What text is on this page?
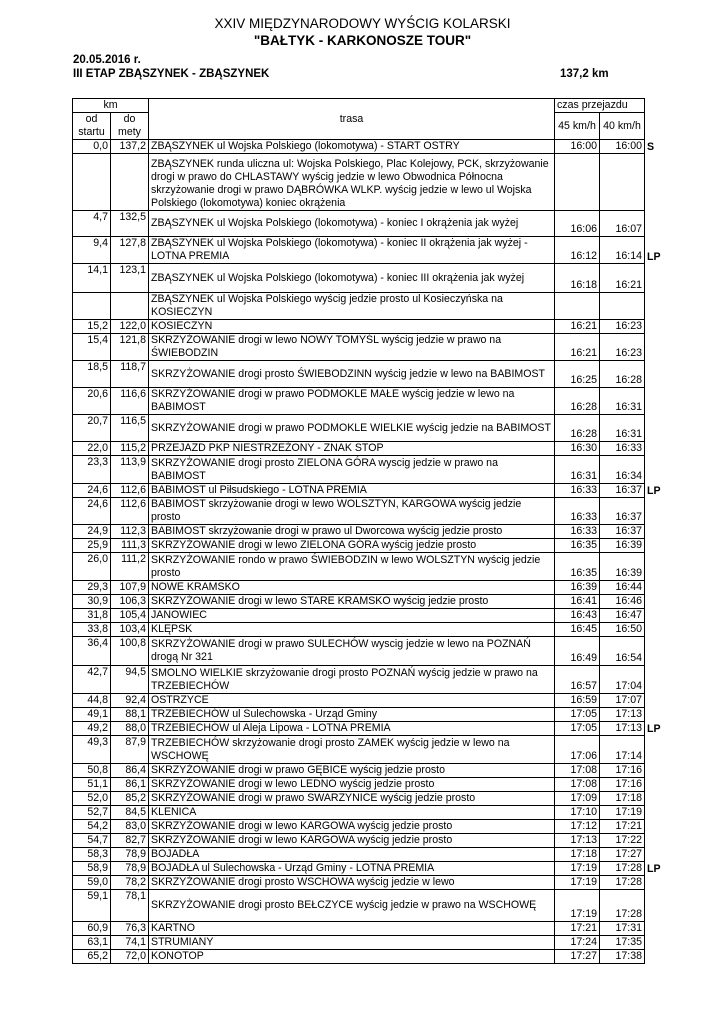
XXIV MIĘDZYNARODOWY WYŚCIG KOLARSKI
"BAŁTYK - KARKONOSZE TOUR"
20.05.2016 r.
III ETAP ZBĄSZYNEK - ZBĄSZYNEK	137,2 km
km		trasa	czas przejazdu		
od startu	do mety		45 km/h	40 km/h	

0,0	137,2	ZBĄSZYNEK ul Wojska Polskiego (lokomotywa) - START OSTRY	16:00	16:00	S
		ZBĄSZYNEK runda uliczna ul: Wojska Polskiego, Plac Kolejowy, PCK, skrzyżowanie drogi w prawo do CHLASTAWY wyścig jedzie w lewo Obwodnica Północna skrzyżowanie drogi w prawo DĄBRÓWKA WLKP. wyścig jedzie w lewo ul Wojska Polskiego (lokomotywa) koniec okrążenia			
4,7	132,5	ZBĄSZYNEK ul Wojska Polskiego (lokomotywa) - koniec I okrążenia jak wyżej	16:06	16:07	
9,4	127,8	ZBĄSZYNEK ul Wojska Polskiego (lokomotywa) - koniec II okrążenia jak wyżej - LOTNA PREMIA	16:12	16:14	LP
14,1	123,1	ZBĄSZYNEK ul Wojska Polskiego (lokomotywa) - koniec III okrążenia jak wyżej	16:18	16:21	
		ZBĄSZYNEK ul Wojska Polskiego wyścig jedzie prosto ul Kosieczyńska na KOSIECZYN			
15,2	122,0	KOSIECZYN	16:21	16:23	
15,4	121,8	SKRZYŻOWANIE drogi w lewo NOWY TOMYŚL wyścig jedzie w prawo na ŚWIEBODZIN	16:21	16:23	
18,5	118,7	SKRZYŻOWANIE drogi prosto ŚWIEBODZINN wyścig jedzie w lewo na BABIMOST	16:25	16:28	
20,6	116,6	SKRZYŻOWANIE drogi w prawo PODMOKLE MAŁE wyścig jedzie w lewo na BABIMOST	16:28	16:31	
20,7	116,5	SKRZYŻOWANIE drogi w prawo PODMOKLE WIELKIE wyścig jedzie na BABIMOST	16:28	16:31	
22,0	115,2	PRZEJAZD PKP NIESTRZEŻONY - ZNAK STOP	16:30	16:33	
23,3	113,9	SKRZYŻOWANIE drogi prosto ZIELONA GÓRA wyscig jedzie w prawo na BABIMOST	16:31	16:34	
24,6	112,6	BABIMOST ul Piłsudskiego - LOTNA PREMIA	16:33	16:37	LP
24,6	112,6	BABIMOST skrzyżowanie drogi w lewo WOLSZTYN, KARGOWA wyścig jedzie prosto	16:33	16:37	
24,9	112,3	BABIMOST skrzyżowanie drogi w prawo ul Dworcowa wyścig jedzie prosto	16:33	16:37	
25,9	111,3	SKRZYŻOWANIE drogi w lewo ZIELONA GÓRA wyścig jedzie prosto	16:35	16:39	
26,0	111,2	SKRZYŻOWANIE rondo w prawo ŚWIEBODZIN w lewo WOLSZTYN wyścig jedzie prosto	16:35	16:39	
29,3	107,9	NOWE KRAMSKO	16:39	16:44	
30,9	106,3	SKRZYŻOWANIE drogi w lewo STARE KRAMSKO wyścig jedzie prosto	16:41	16:46	
31,8	105,4	JANOWIEC	16:43	16:47	
33,8	103,4	KLĘPSK	16:45	16:50	
36,4	100,8	SKRZYŻOWANIE drogi w prawo SULECHÓW wyscig jedzie w lewo na POZNAŃ drogą Nr 321	16:49	16:54	
42,7	94,5	SMOLNO WIELKIE skrzyżowanie drogi prosto POZNAŃ wyścig jedzie w prawo na TRZEBIECHÓW	16:57	17:04	
44,8	92,4	OSTRZYCE	16:59	17:07	
49,1	88,1	TRZEBIECHÓW ul Sulechowska - Urząd Gminy	17:05	17:13	
49,2	88,0	TRZEBIECHÓW ul Aleja Lipowa - LOTNA PREMIA	17:05	17:13	LP
49,3	87,9	TRZEBIECHÓW skrzyżowanie drogi prosto ZAMEK wyścig jedzie w lewo na WSCHOWĘ	17:06	17:14	
50,8	86,4	SKRZYŻOWANIE drogi w prawo GĘBICE wyścig jedzie prosto	17:08	17:16	
51,1	86,1	SKRZYŻOWANIE drogi w lewo LEDNO wyścig jedzie prosto	17:08	17:16	
52,0	85,2	SKRZYŻOWANIE drogi w prawo SWARZYNICE wyścig jedzie prosto	17:09	17:18	
52,7	84,5	KLENICA	17:10	17:19	
54,2	83,0	SKRZYŻOWANIE drogi w lewo KARGOWA wyścig jedzie prosto	17:12	17:21	
54,7	82,7	SKRZYŻOWANIE drogi w lewo KARGOWA wyścig jedzie prosto	17:13	17:22	
58,3	78,9	BOJADŁA	17:18	17:27	
58,9	78,9	BOJADŁA ul Sulechowska - Urząd Gminy - LOTNA PREMIA	17:19	17:28	LP
59,0	78,2	SKRZYŻOWANIE drogi prosto WSCHOWA wyścig jedzie w lewo	17:19	17:28	
59,1	78,1	SKRZYŻOWANIE drogi prosto BEŁCZYCE wyścig jedzie w prawo na WSCHOWĘ	17:19	17:28	
60,9	76,3	KARTNO	17:21	17:31	
63,1	74,1	STRUMIANY	17:24	17:35	
65,2	72,0	KONOTOP	17:27	17:38	
